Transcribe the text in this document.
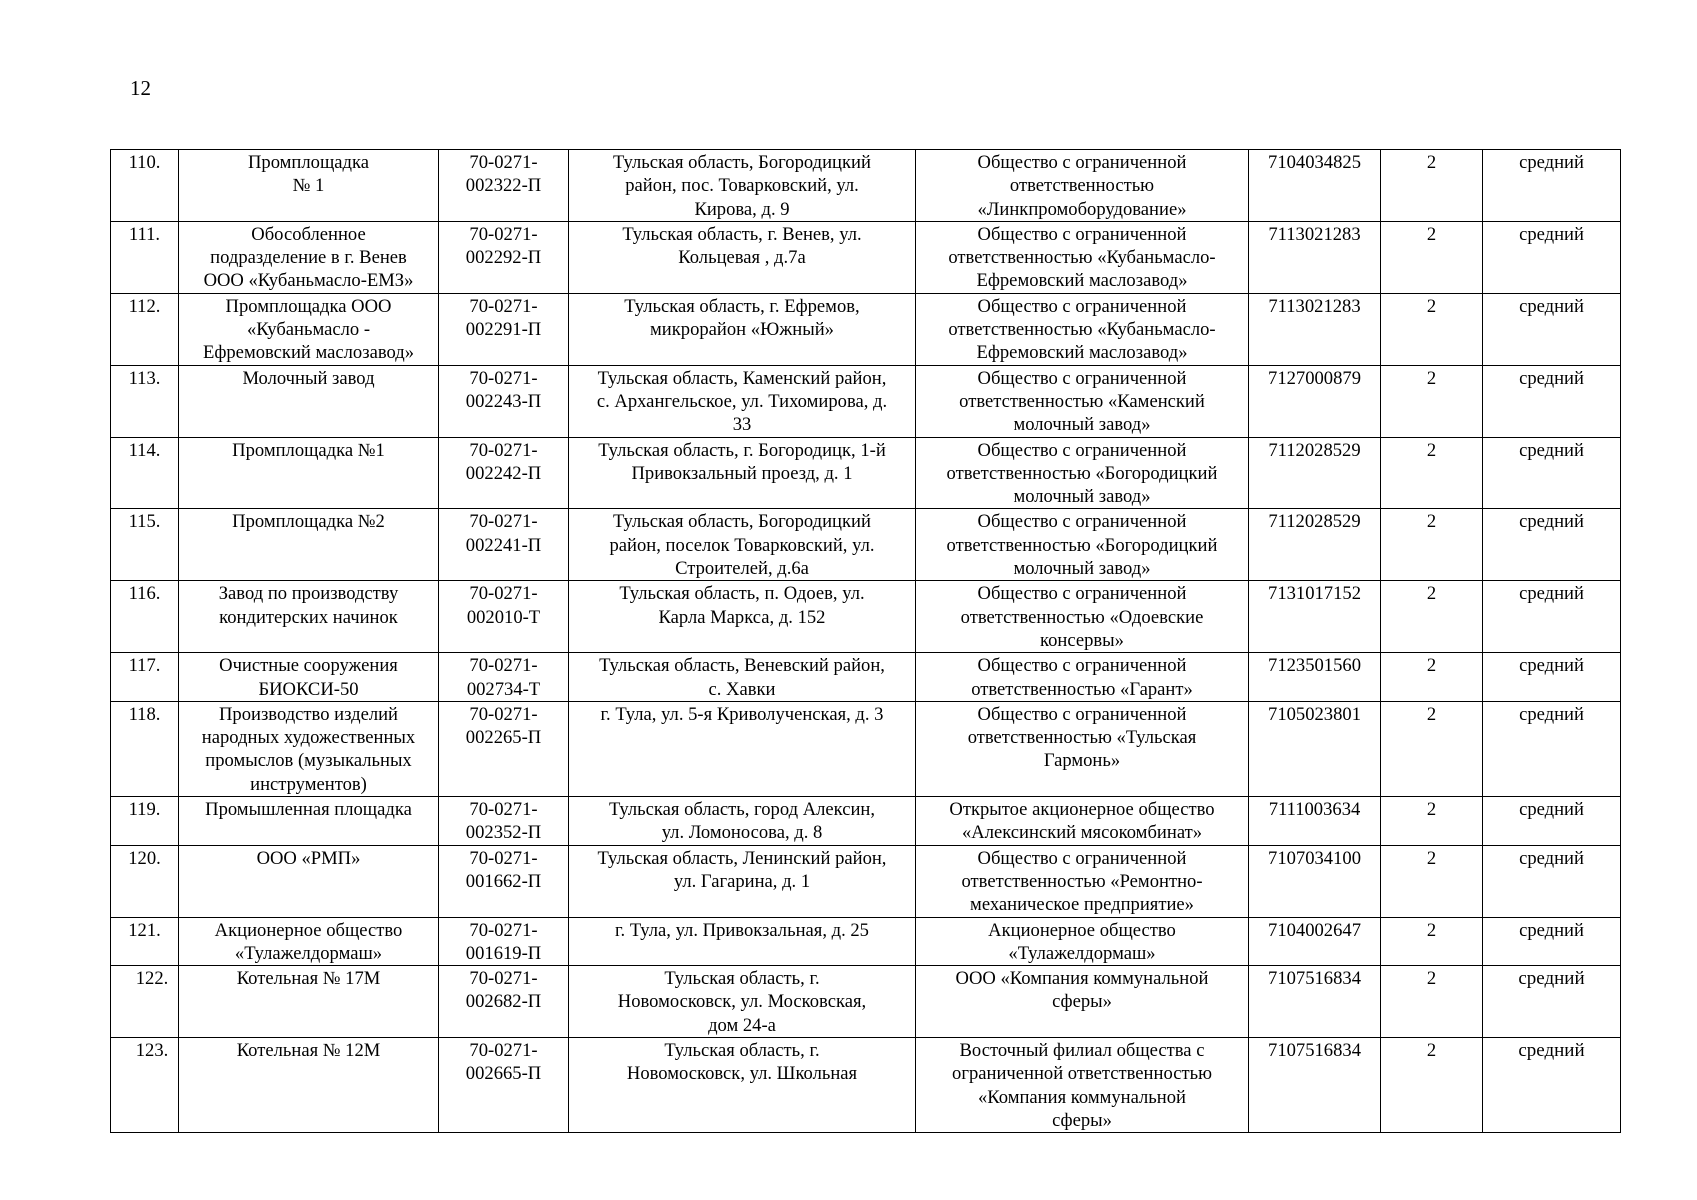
12
110.	Промплощадка
№ 1	70-0271-
002322-П	Тульская область, Богородицкий
район, пос. Товарковский, ул.
Кирова, д. 9	Общество с ограниченной
ответственностью
«Линкпромоборудование»	7104034825	2	средний
111.	Обособленное
подразделение в г. Венев
ООО «Кубаньмасло-ЕМЗ»	70-0271-
002292-П	Тульская область, г. Венев, ул.
Кольцевая , д.7а	Общество с ограниченной
ответственностью «Кубаньмасло-
Ефремовский маслозавод»	7113021283	2	средний
112.	Промплощадка ООО
«Кубаньмасло -
Ефремовский маслозавод»	70-0271-
002291-П	Тульская область, г. Ефремов,
микрорайон «Южный»	Общество с ограниченной
ответственностью «Кубаньмасло-
Ефремовский маслозавод»	7113021283	2	средний
113.	Молочный завод	70-0271-
002243-П	Тульская область, Каменский район,
с. Архангельское, ул. Тихомирова, д.
33	Общество с ограниченной
ответственностью «Каменский
молочный завод»	7127000879	2	средний
114.	Промплощадка №1	70-0271-
002242-П	Тульская область, г. Богородицк, 1-й
Привокзальный проезд, д. 1	Общество с ограниченной
ответственностью «Богородицкий
молочный завод»	7112028529	2	средний
115.	Промплощадка №2	70-0271-
002241-П	Тульская область, Богородицкий
район, поселок Товарковский, ул.
Строителей, д.6а	Общество с ограниченной
ответственностью «Богородицкий
молочный завод»	7112028529	2	средний
116.	Завод по производству
кондитерских начинок	70-0271-
002010-Т	Тульская область, п. Одоев, ул.
Карла Маркса, д. 152	Общество с ограниченной
ответственностью «Одоевские
консервы»	7131017152	2	средний
117.	Очистные сооружения
БИОКСИ-50	70-0271-
002734-Т	Тульская область, Веневский район,
с. Хавки	Общество с ограниченной
ответственностью «Гарант»	7123501560	2	средний
118.	Производство изделий
народных художественных
промыслов (музыкальных
инструментов)	70-0271-
002265-П	г. Тула, ул. 5-я Криволученская, д. 3	Общество с ограниченной
ответственностью «Тульская
Гармонь»	7105023801	2	средний
119.	Промышленная площадка	70-0271-
002352-П	Тульская область, город Алексин,
ул. Ломоносова, д. 8	Открытое акционерное общество
«Алексинский мясокомбинат»	7111003634	2	средний
120.	ООО «РМП»	70-0271-
001662-П	Тульская область, Ленинский район,
ул. Гагарина, д. 1	Общество с ограниченной
ответственностью «Ремонтно-
механическое предприятие»	7107034100	2	средний
121.	Акционерное общество
«Тулажелдормаш»	70-0271-
001619-П	г. Тула, ул. Привокзальная, д. 25	Акционерное общество
«Тулажелдормаш»	7104002647	2	средний
122.	Котельная № 17М	70-0271-
002682-П	Тульская область, г.
Новомосковск, ул. Московская,
дом 24-а	ООО «Компания коммунальной
сферы»	7107516834	2	средний
123.	Котельная № 12М	70-0271-
002665-П	Тульская область, г.
Новомосковск, ул. Школьная	Восточный филиал общества с
ограниченной ответственностью
«Компания коммунальной
сферы»	7107516834	2	средний
